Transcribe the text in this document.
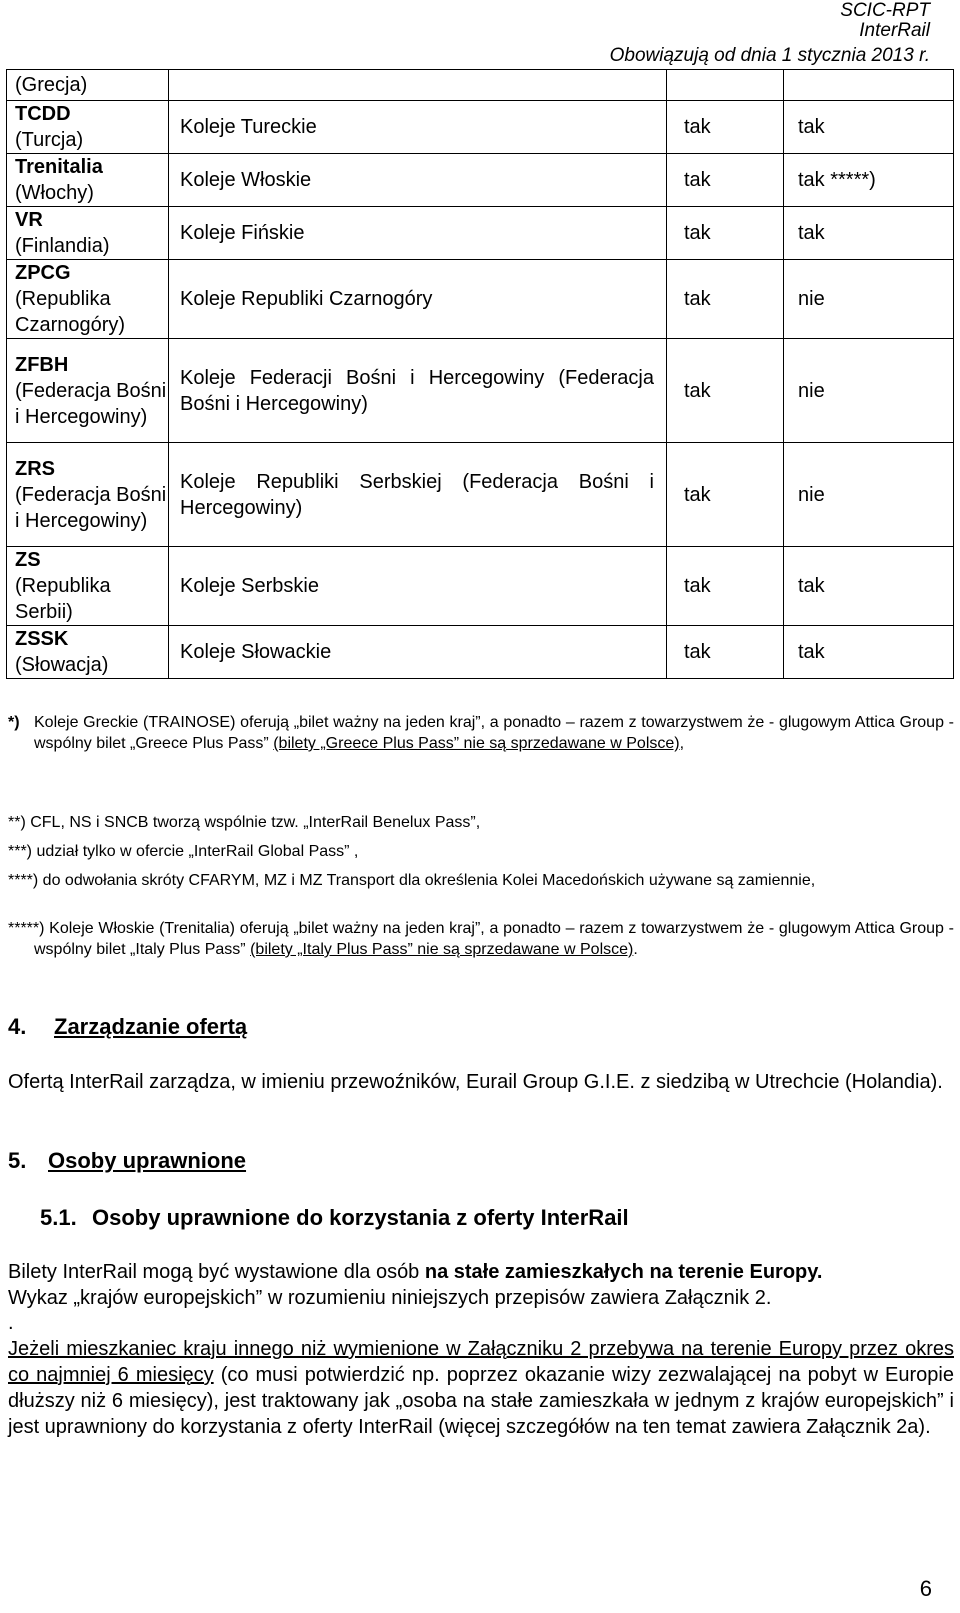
SCIC-RPT
InterRail
Obowiązują od dnia 1 stycznia 2013 r.
(Grecja)			

TCDD
(Turcja)	Koleje Tureckie	tak	tak

Trenitalia
(Włochy)	Koleje Włoskie	tak	tak *****)

VR
(Finlandia)	Koleje Fińskie	tak	tak

ZPCG
(Republika Czarnogóry)	Koleje Republiki Czarnogóry	tak	nie

ZFBH
(Federacja Bośni i Hercegowiny)	Koleje Federacji Bośni i Hercegowiny (Federacja Bośni i Hercegowiny)	tak	nie

ZRS
(Federacja Bośni i Hercegowiny)	Koleje Republiki Serbskiej (Federacja Bośni i Hercegowiny)	tak	nie

ZS
(Republika Serbii)	Koleje Serbskie	tak	tak

ZSSK
(Słowacja)	Koleje Słowackie	tak	tak
*) Koleje Greckie (TRAINOSE) oferują „bilet ważny na jeden kraj”, a ponadto – razem z towarzystwem że - glugowym Attica Group - wspólny bilet „Greece Plus Pass” (bilety „Greece Plus Pass” nie są sprzedawane w Polsce),
**) CFL, NS i SNCB tworzą wspólnie tzw. „InterRail Benelux Pass”,
***) udział tylko w ofercie „InterRail Global Pass” ,
****) do odwołania skróty CFARYM, MZ i MZ Transport dla określenia Kolei Macedońskich używane są zamiennie,
*****) Koleje Włoskie (Trenitalia) oferują „bilet ważny na jeden kraj”, a ponadto – razem z towarzystwem że - glugowym Attica Group - wspólny bilet „Italy Plus Pass” (bilety „Italy Plus Pass” nie są sprzedawane w Polsce).
4. Zarządzanie ofertą
Ofertą InterRail zarządza, w imieniu przewoźników, Eurail Group G.I.E. z siedzibą w Utrechcie (Holandia).
5. Osoby uprawnione
5.1. Osoby uprawnione do korzystania z oferty InterRail
Bilety InterRail mogą być wystawione dla osób na stałe zamieszkałych na terenie Europy.
Wykaz „krajów europejskich” w rozumieniu niniejszych przepisów zawiera Załącznik 2.
.
Jeżeli mieszkaniec kraju innego niż wymienione w Załączniku 2 przebywa na terenie Europy przez okres co najmniej 6 miesięcy (co musi potwierdzić np. poprzez okazanie wizy zezwalającej na pobyt w Europie dłuższy niż 6 miesięcy), jest traktowany jak „osoba na stałe zamieszkała w jednym z krajów europejskich” i jest uprawniony do korzystania z oferty InterRail (więcej szczegółów na ten temat zawiera Załącznik 2a).
6
